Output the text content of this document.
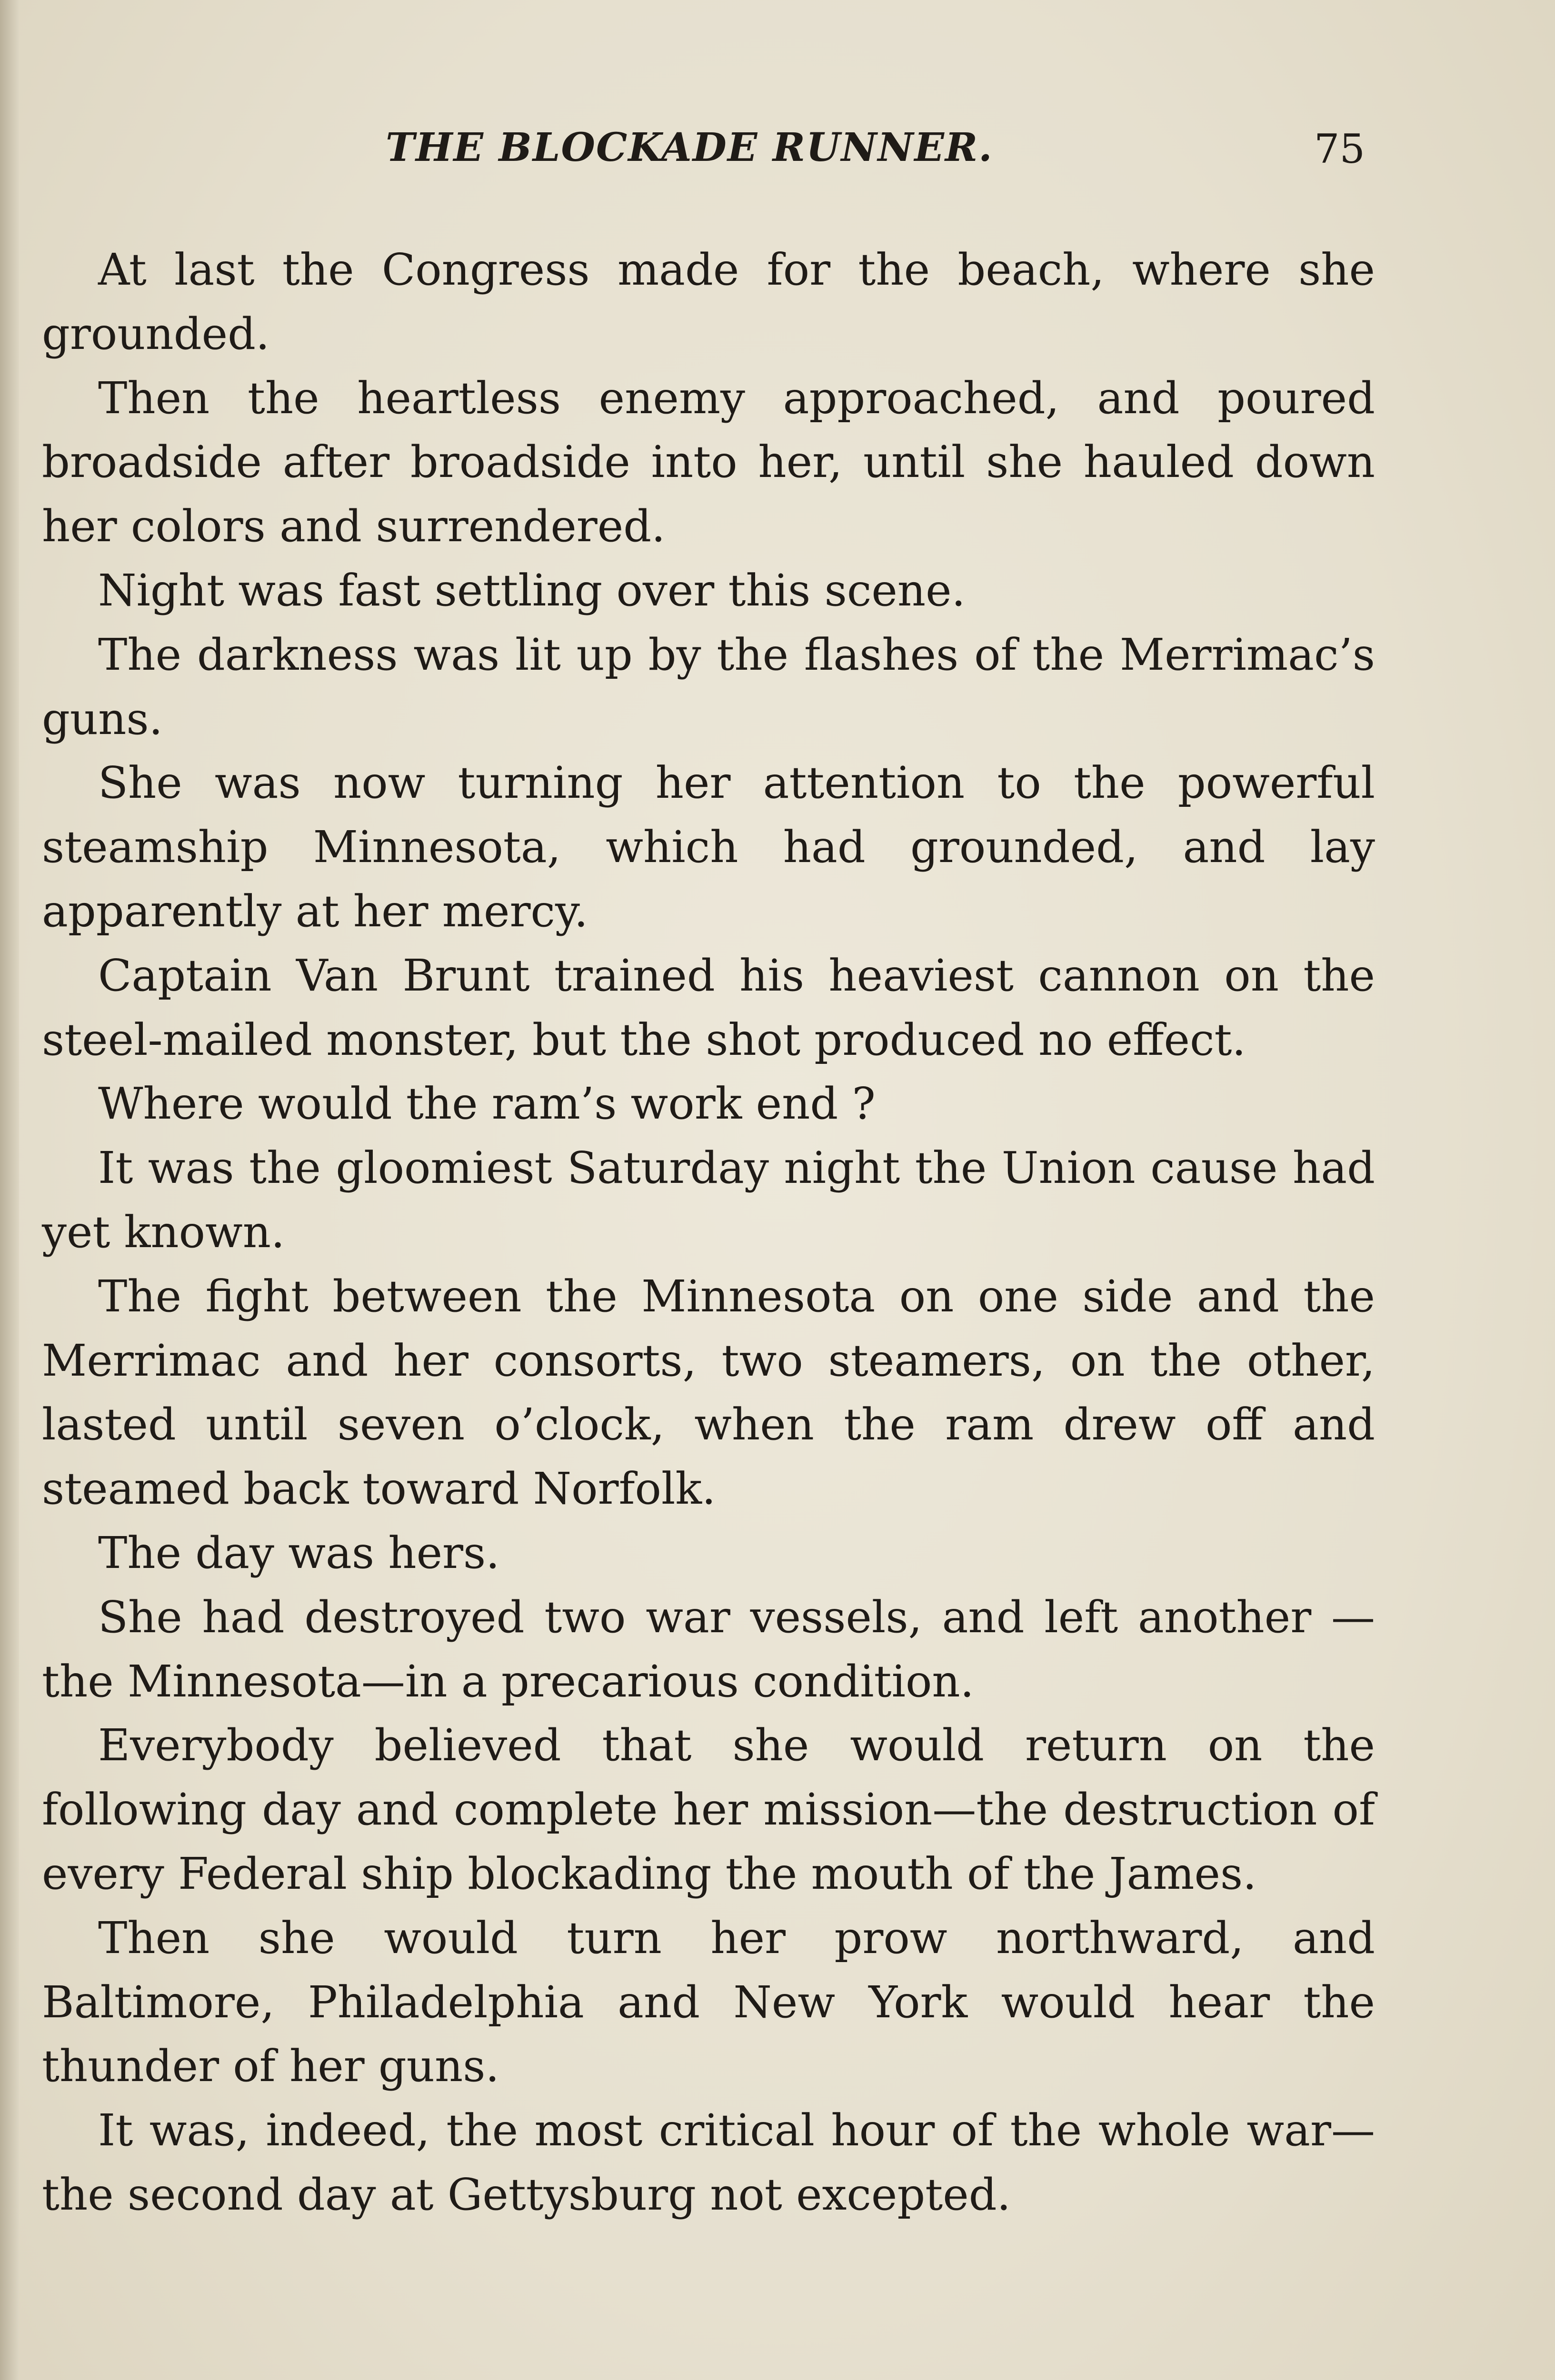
THE BLOCKADE RUNNER.	75

At last the Congress made for the beach, where she grounded.

Then the heartless enemy approached, and poured broadside after broadside into her, until she hauled down her colors and surrendered.

Night was fast settling over this scene.

The darkness was lit up by the flashes of the Merrimac’s guns.

She was now turning her attention to the powerful steamship Minnesota, which had grounded, and lay apparently at her mercy.

Captain Van Brunt trained his heaviest cannon on the steel-mailed monster, but the shot produced no effect.

Where would the ram’s work end ?

It was the gloomiest Saturday night the Union cause had yet known.

The fight between the Minnesota on one side and the Merrimac and her consorts, two steamers, on the other, lasted until seven o’clock, when the ram drew off and steamed back toward Norfolk.

The day was hers.

She had destroyed two war vessels, and left another —the Minnesota—in a precarious condition.

Everybody believed that she would return on the following day and complete her mission—the destruction of every Federal ship blockading the mouth of the James.

Then she would turn her prow northward, and Baltimore, Philadelphia and New York would hear the thunder of her guns.

It was, indeed, the most critical hour of the whole war—the second day at Gettysburg not excepted.
